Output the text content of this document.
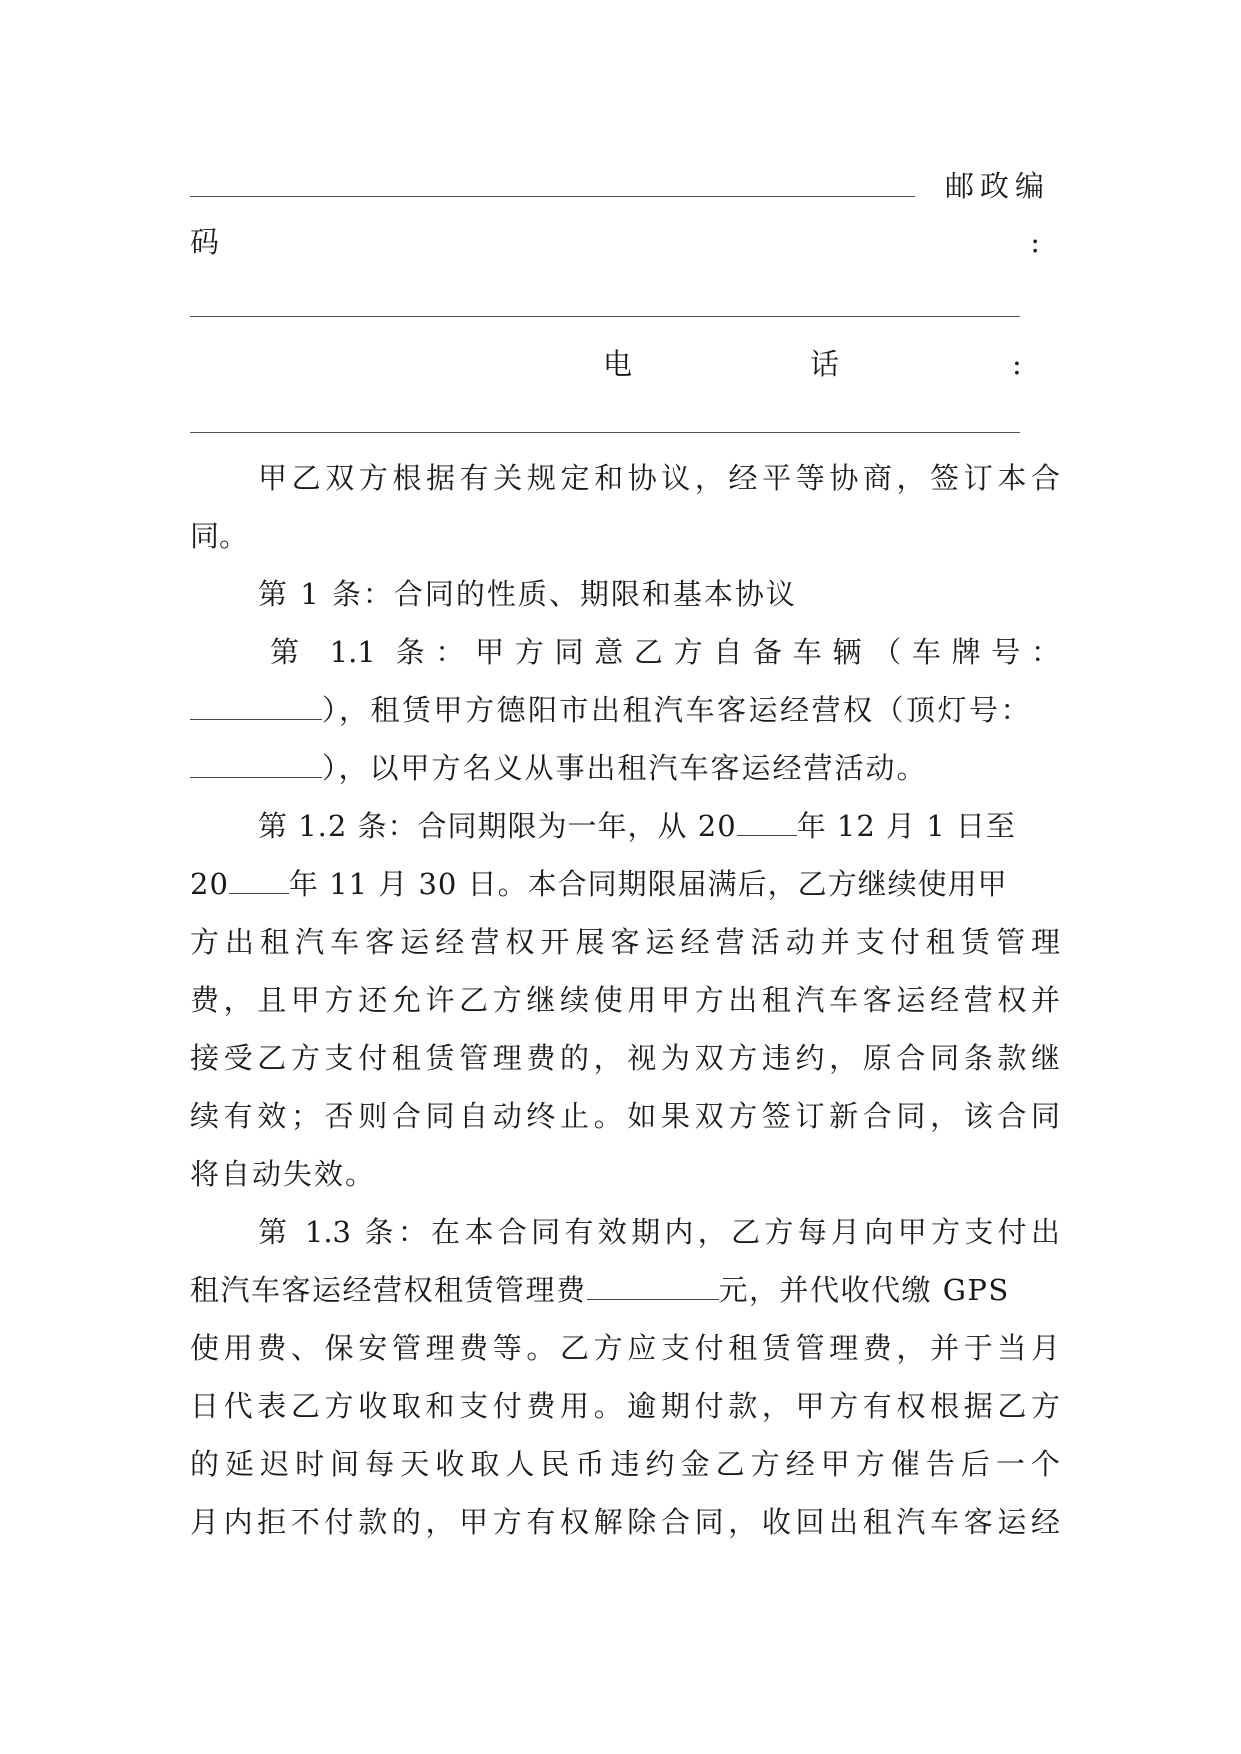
邮政编
码	:
电	话	:
甲乙双方根据有关规定和协议，经平等协商，签订本合
同。
第 1 条：合同的性质、期限和基本协议
第 1.1 条：甲方同意乙方自备车辆（车牌号：
），租赁甲方德阳市出租汽车客运经营权（顶灯号：
），以甲方名义从事出租汽车客运经营活动。
第 1.2 条：合同期限为一年，从 20 年 12 月 1 日至
20 年 11 月 30 日。本合同期限届满后，乙方继续使用甲
方出租汽车客运经营权开展客运经营活动并支付租赁管理
费，且甲方还允许乙方继续使用甲方出租汽车客运经营权并
接受乙方支付租赁管理费的，视为双方违约，原合同条款继
续有效；否则合同自动终止。如果双方签订新合同，该合同
将自动失效。
第 1.3 条：在本合同有效期内，乙方每月向甲方支付出
租汽车客运经营权租赁管理费	元，并代收代缴 GPS
使用费、保安管理费等。乙方应支付租赁管理费，并于当月
日代表乙方收取和支付费用。逾期付款，甲方有权根据乙方
的延迟时间每天收取人民币违约金乙方经甲方催告后一个
月内拒不付款的，甲方有权解除合同，收回出租汽车客运经
